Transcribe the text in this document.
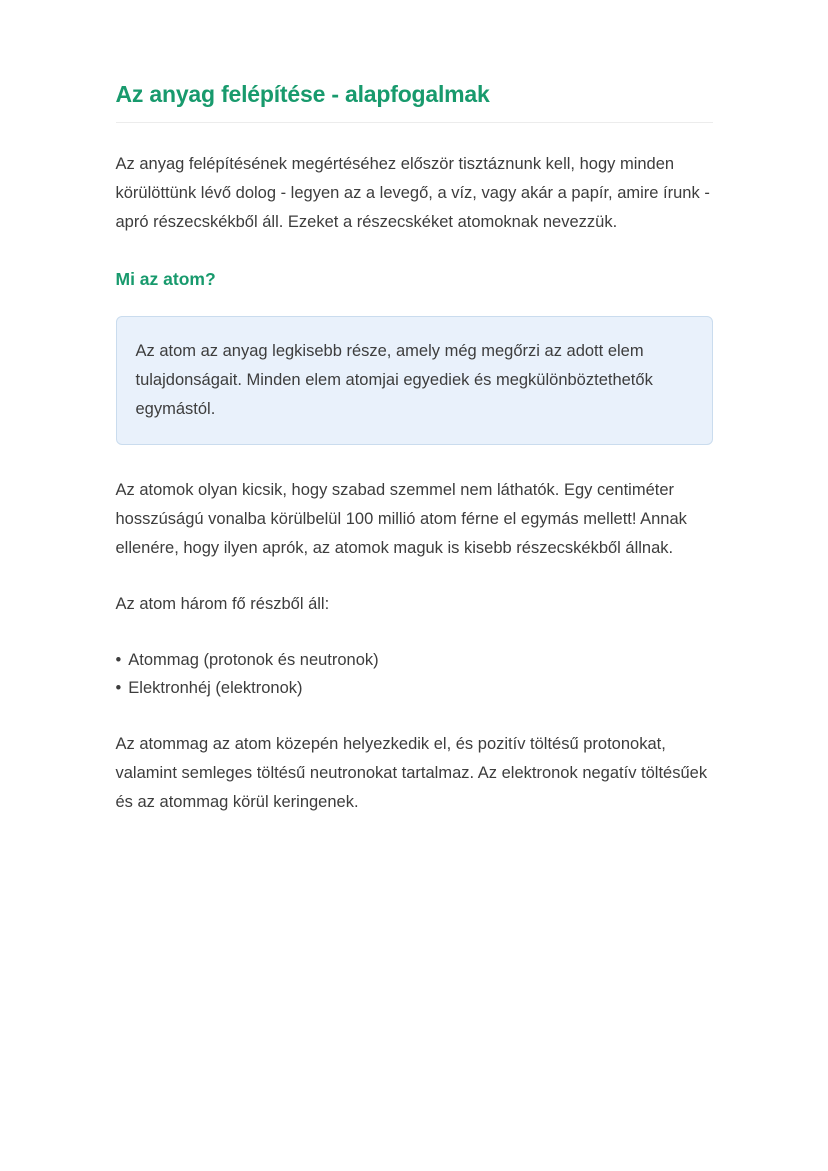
Az anyag felépítése - alapfogalmak

Az anyag felépítésének megértéséhez először tisztáznunk kell, hogy minden körülöttünk lévő dolog - legyen az a levegő, a víz, vagy akár a papír, amire írunk - apró részecskékből áll. Ezeket a részecskéket atomoknak nevezzük.

Mi az atom?
Az atom az anyag legkisebb része, amely még megőrzi az adott elem tulajdonságait. Minden elem atomjai egyediek és megkülönböztethetők egymástól.

Az atomok olyan kicsik, hogy szabad szemmel nem láthatók. Egy centiméter hosszúságú vonalba körülbelül 100 millió atom férne el egymás mellett! Annak ellenére, hogy ilyen aprók, az atomok maguk is kisebb részecskékből állnak.

Az atom három fő részből áll:

• Atommag (protonok és neutronok)
• Elektronhéj (elektronok)

Az atommag az atom közepén helyezkedik el, és pozitív töltésű protonokat, valamint semleges töltésű neutronokat tartalmaz. Az elektronok negatív töltésűek és az atommag körül keringenek.
